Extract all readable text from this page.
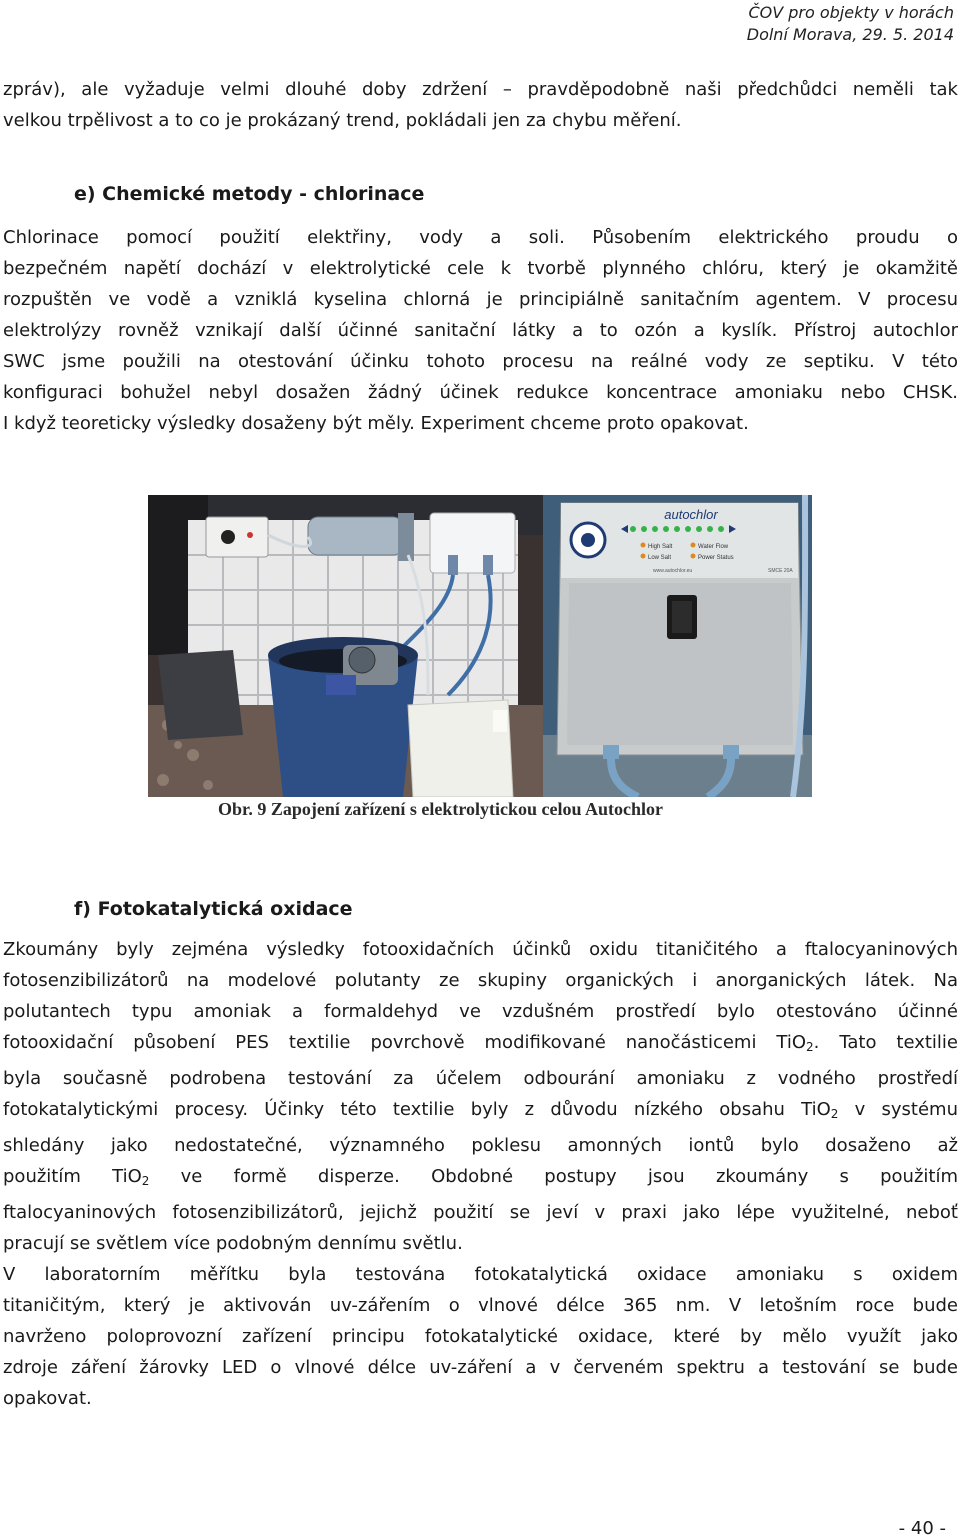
ČOV pro objekty v horách
Dolní Morava, 29. 5. 2014
zpráv), ale vyžaduje velmi dlouhé doby zdržení – pravděpodobně naši předchůdci neměli tak
velkou trpělivost a to co je prokázaný trend, pokládali jen za chybu měření.
e) Chemické metody - chlorinace
Chlorinace pomocí použití elektřiny, vody a soli. Působením elektrického proudu o
bezpečném napětí dochází v elektrolytické cele k tvorbě plynného chlóru, který je okamžitě
rozpuštěn ve vodě a vzniklá kyselina chlorná je principiálně sanitačním agentem. V procesu
elektrolýzy rovněž vznikají další účinné sanitační látky a to ozón a kyslík. Přístroj autochlor
SWC jsme použili na otestování účinku tohoto procesu na reálné vody ze septiku. V této
konfiguraci bohužel nebyl dosažen žádný účinek redukce koncentrace amoniaku nebo CHSK.
I když teoreticky výsledky dosaženy být měly. Experiment chceme proto opakovat.
autochlor
High Salt	Water Flow
Low Salt	Power Status
www.autochlor.eu	SMCE 20A
Obr. 9 Zapojení zařízení s elektrolytickou celou Autochlor
f) Fotokatalytická oxidace
Zkoumány byly zejména výsledky fotooxidačních účinků oxidu titaničitého a ftalocyaninových
fotosenzibilizátorů na modelové polutanty ze skupiny organických i anorganických látek. Na
polutantech typu amoniak a formaldehyd ve vzdušném prostředí bylo otestováno účinné
fotooxidační působení PES textilie povrchově modifikované nanočásticemi TiO$_2$. Tato textilie
byla současně podrobena testování za účelem odbourání amoniaku z vodného prostředí
fotokatalytickými procesy. Účinky této textilie byly z důvodu nízkého obsahu TiO$_2$ v systému
shledány jako nedostatečné, významného poklesu amonných iontů bylo dosaženo až
použitím TiO$_2$ ve formě disperze. Obdobné postupy jsou zkoumány s použitím
ftalocyaninových fotosenzibilizátorů, jejichž použití se jeví v praxi jako lépe využitelné, neboť
pracují se světlem více podobným dennímu světlu.
V laboratorním měřítku byla testována fotokatalytická oxidace amoniaku s oxidem
titaničitým, který je aktivován uv-zářením o vlnové délce 365 nm. V letošním roce bude
navrženo poloprovozní zařízení principu fotokatalytické oxidace, které by mělo využít jako
zdroje záření žárovky LED o vlnové délce uv-záření a v červeném spektru a testování se bude
opakovat.
- 40 -
